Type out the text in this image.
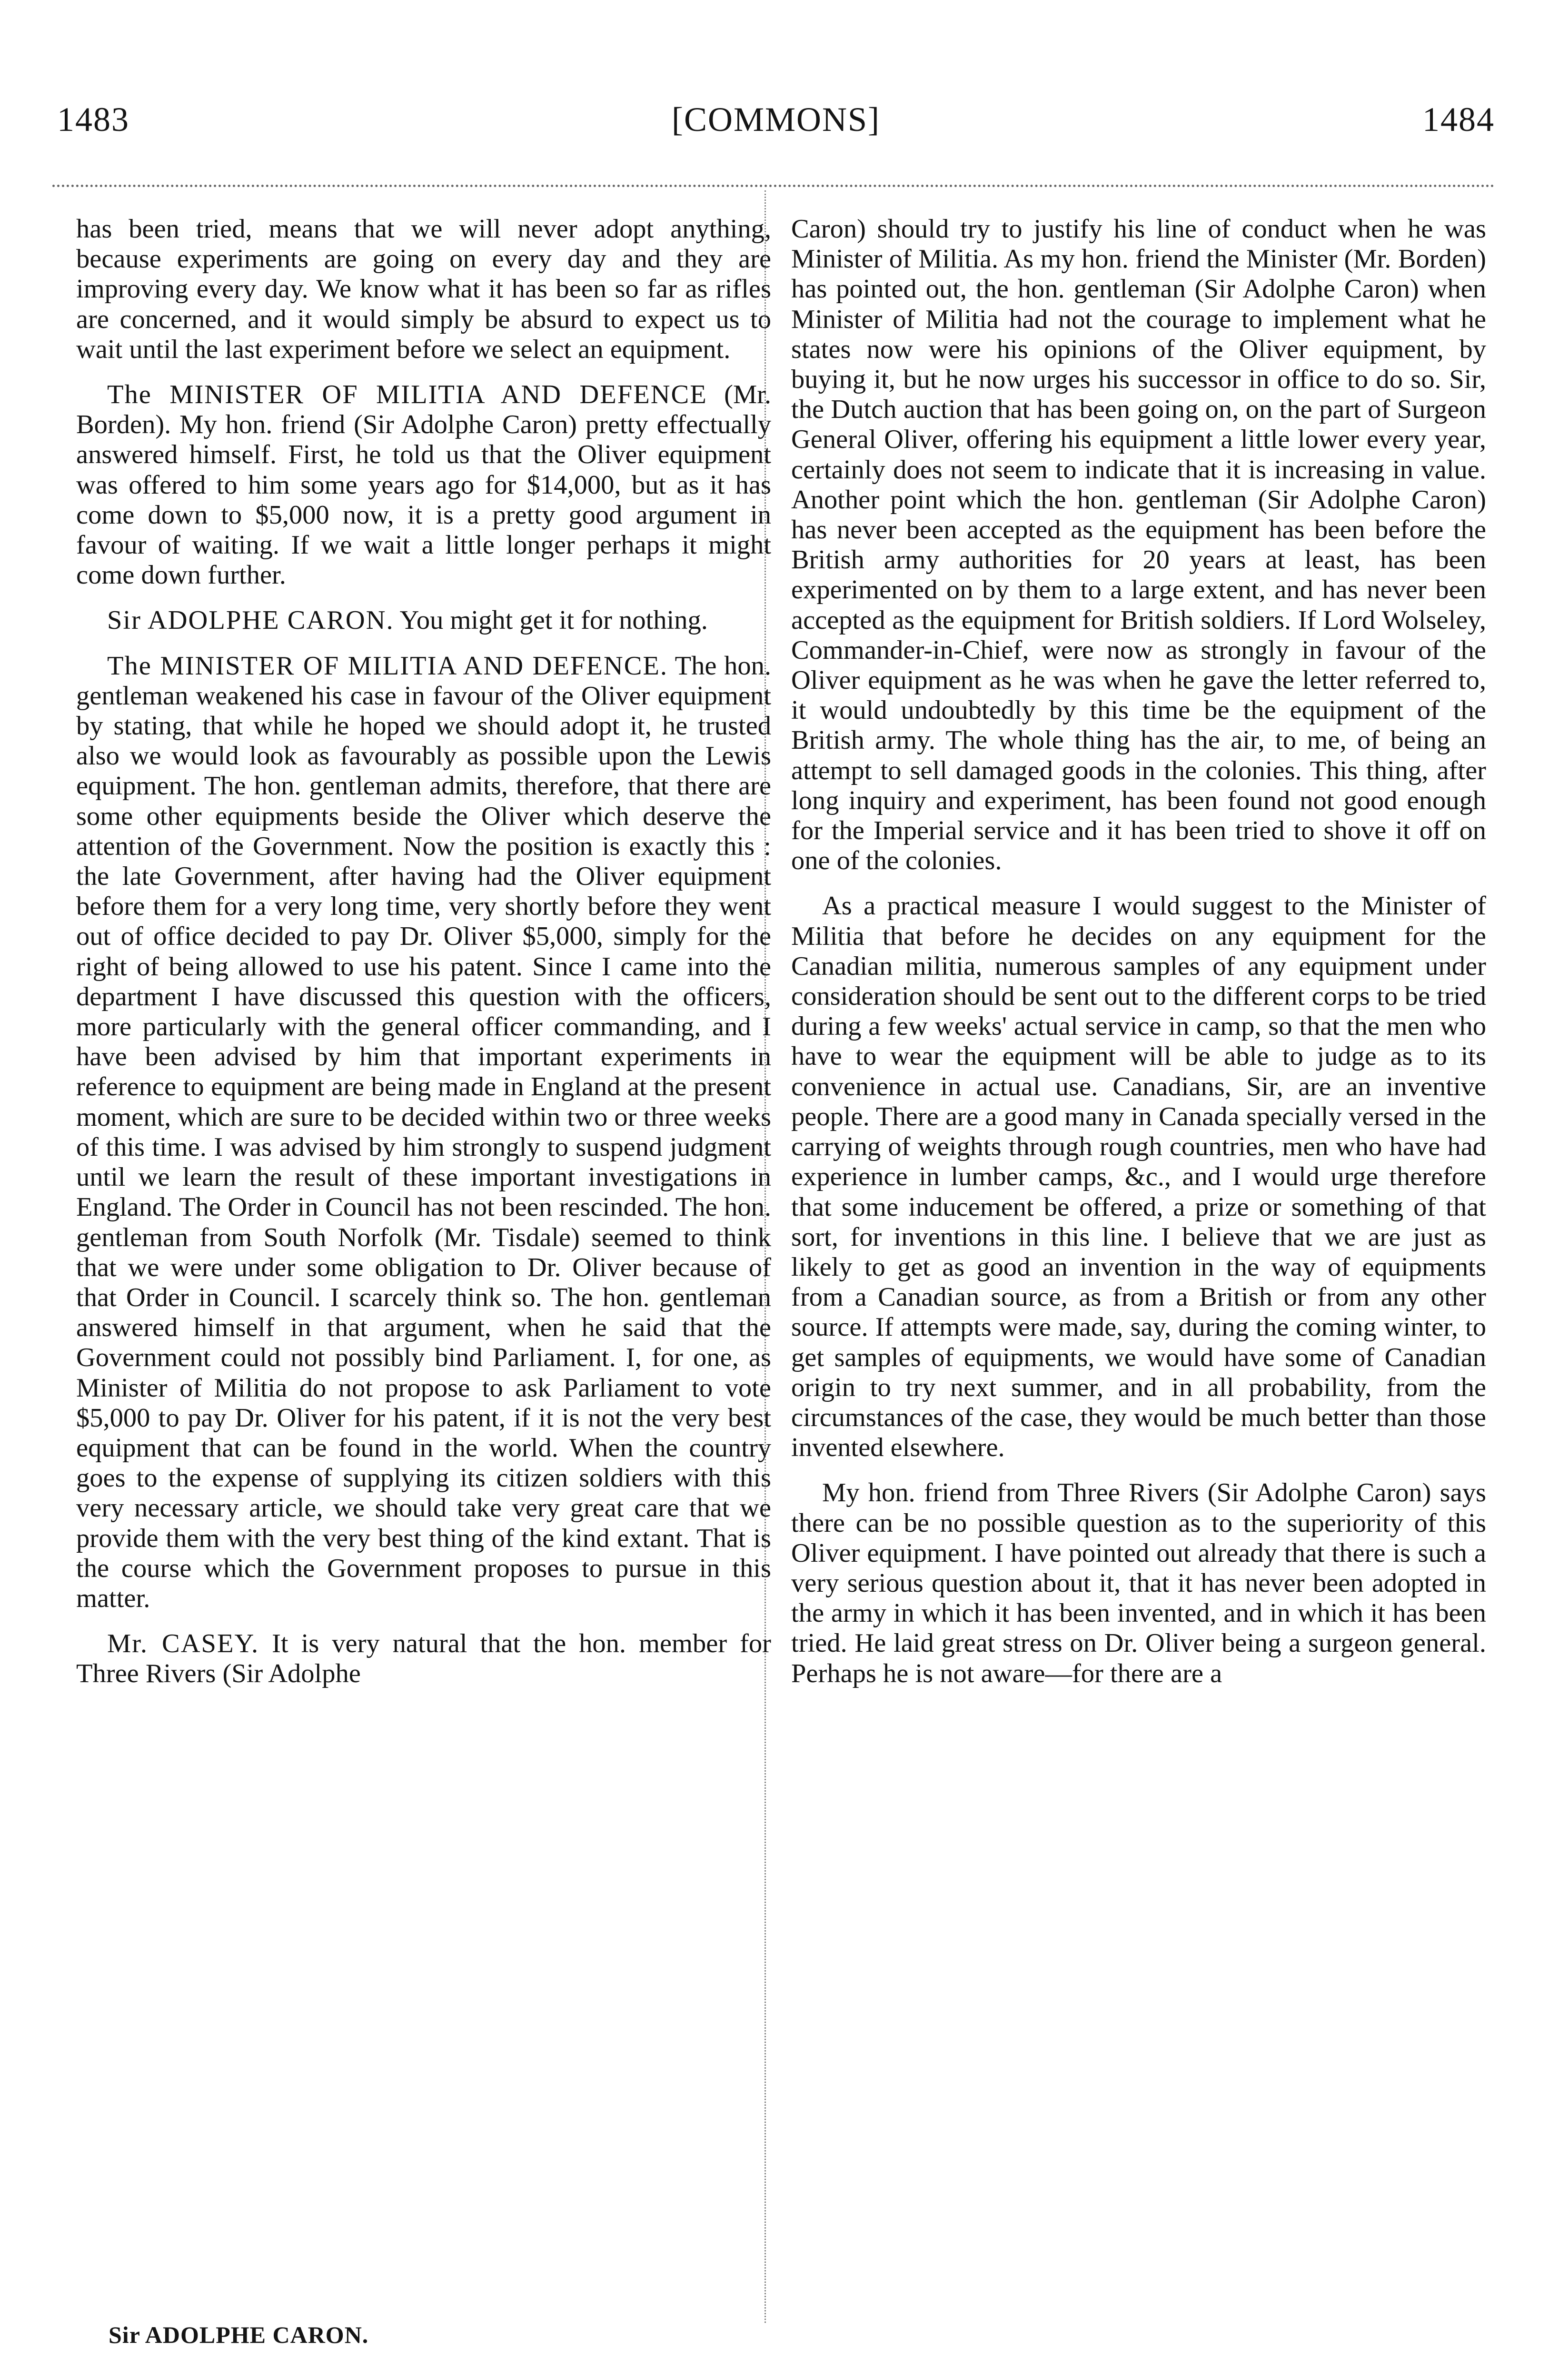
1483	[COMMONS]	1484

has been tried, means that we will never adopt anything, because experiments are going on every day and they are improving every day. We know what it has been so far as rifles are concerned, and it would simply be absurd to expect us to wait until the last experiment before we select an equipment.

The MINISTER OF MILITIA AND DEFENCE (Mr. Borden). My hon. friend (Sir Adolphe Caron) pretty effectually answered himself. First, he told us that the Oliver equipment was offered to him some years ago for $14,000, but as it has come down to $5,000 now, it is a pretty good argument in favour of waiting. If we wait a little longer perhaps it might come down further.

Sir ADOLPHE CARON. You might get it for nothing.

The MINISTER OF MILITIA AND DEFENCE. The hon. gentleman weakened his case in favour of the Oliver equipment by stating, that while he hoped we should adopt it, he trusted also we would look as favourably as possible upon the Lewis equipment. The hon. gentleman admits, therefore, that there are some other equipments beside the Oliver which deserve the attention of the Government. Now the position is exactly this : the late Government, after having had the Oliver equipment before them for a very long time, very shortly before they went out of office decided to pay Dr. Oliver $5,000, simply for the right of being allowed to use his patent. Since I came into the department I have discussed this question with the officers, more particularly with the general officer commanding, and I have been advised by him that important experiments in reference to equipment are being made in England at the present moment, which are sure to be decided within two or three weeks of this time. I was advised by him strongly to suspend judgment until we learn the result of these important investigations in England. The Order in Council has not been rescinded. The hon. gentleman from South Norfolk (Mr. Tisdale) seemed to think that we were under some obligation to Dr. Oliver because of that Order in Council. I scarcely think so. The hon. gentleman answered himself in that argument, when he said that the Government could not possibly bind Parliament. I, for one, as Minister of Militia do not propose to ask Parliament to vote $5,000 to pay Dr. Oliver for his patent, if it is not the very best equipment that can be found in the world. When the country goes to the expense of supplying its citizen soldiers with this very necessary article, we should take very great care that we provide them with the very best thing of the kind extant. That is the course which the Government proposes to pursue in this matter.

Mr. CASEY. It is very natural that the hon. member for Three Rivers (Sir Adolphe

Caron) should try to justify his line of conduct when he was Minister of Militia. As my hon. friend the Minister (Mr. Borden) has pointed out, the hon. gentleman (Sir Adolphe Caron) when Minister of Militia had not the courage to implement what he states now were his opinions of the Oliver equipment, by buying it, but he now urges his successor in office to do so. Sir, the Dutch auction that has been going on, on the part of Surgeon General Oliver, offering his equipment a little lower every year, certainly does not seem to indicate that it is increasing in value. Another point which the hon. gentleman (Sir Adolphe Caron) has never been accepted as the equipment has been before the British army authorities for 20 years at least, has been experimented on by them to a large extent, and has never been accepted as the equipment for British soldiers. If Lord Wolseley, Commander-in-Chief, were now as strongly in favour of the Oliver equipment as he was when he gave the letter referred to, it would undoubtedly by this time be the equipment of the British army. The whole thing has the air, to me, of being an attempt to sell damaged goods in the colonies. This thing, after long inquiry and experiment, has been found not good enough for the Imperial service and it has been tried to shove it off on one of the colonies.

As a practical measure I would suggest to the Minister of Militia that before he decides on any equipment for the Canadian militia, numerous samples of any equipment under consideration should be sent out to the different corps to be tried during a few weeks' actual service in camp, so that the men who have to wear the equipment will be able to judge as to its convenience in actual use. Canadians, Sir, are an inventive people. There are a good many in Canada specially versed in the carrying of weights through rough countries, men who have had experience in lumber camps, &c., and I would urge therefore that some inducement be offered, a prize or something of that sort, for inventions in this line. I believe that we are just as likely to get as good an invention in the way of equipments from a Canadian source, as from a British or from any other source. If attempts were made, say, during the coming winter, to get samples of equipments, we would have some of Canadian origin to try next summer, and in all probability, from the circumstances of the case, they would be much better than those invented elsewhere.

My hon. friend from Three Rivers (Sir Adolphe Caron) says there can be no possible question as to the superiority of this Oliver equipment. I have pointed out already that there is such a very serious question about it, that it has never been adopted in the army in which it has been invented, and in which it has been tried. He laid great stress on Dr. Oliver being a surgeon general. Perhaps he is not aware—for there are a

Sir ADOLPHE CARON.
